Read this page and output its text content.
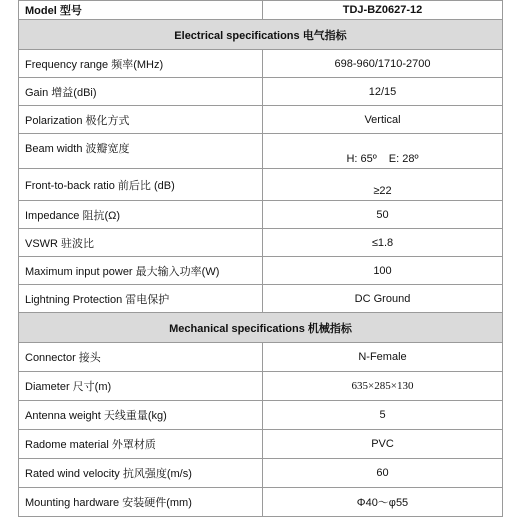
Model 型号	TDJ-BZ0627-12
Electrical specifications 电气指标	
Frequency range 频率(MHz)	698-960/1710-2700
Gain 增益(dBi)	12/15
Polarization 极化方式	Vertical
Beam width 波瓣宽度	H: 65º E: 28º
Front-to-back ratio 前后比 (dB)	≥22
Impedance 阻抗(Ω)	50
VSWR 驻波比	≤1.8
Maximum input power 最大输入功率(W)	100
Lightning Protection 雷电保护	DC Ground
Mechanical specifications 机械指标	
Connector 接头	N-Female
Diameter 尺寸(m)	635×285×130
Antenna weight 天线重量(kg)	5
Radome material 外罩材质	PVC
Rated wind velocity 抗风强度(m/s)	60
Mounting hardware 安装硬件(mm)	Φ40～φ55
